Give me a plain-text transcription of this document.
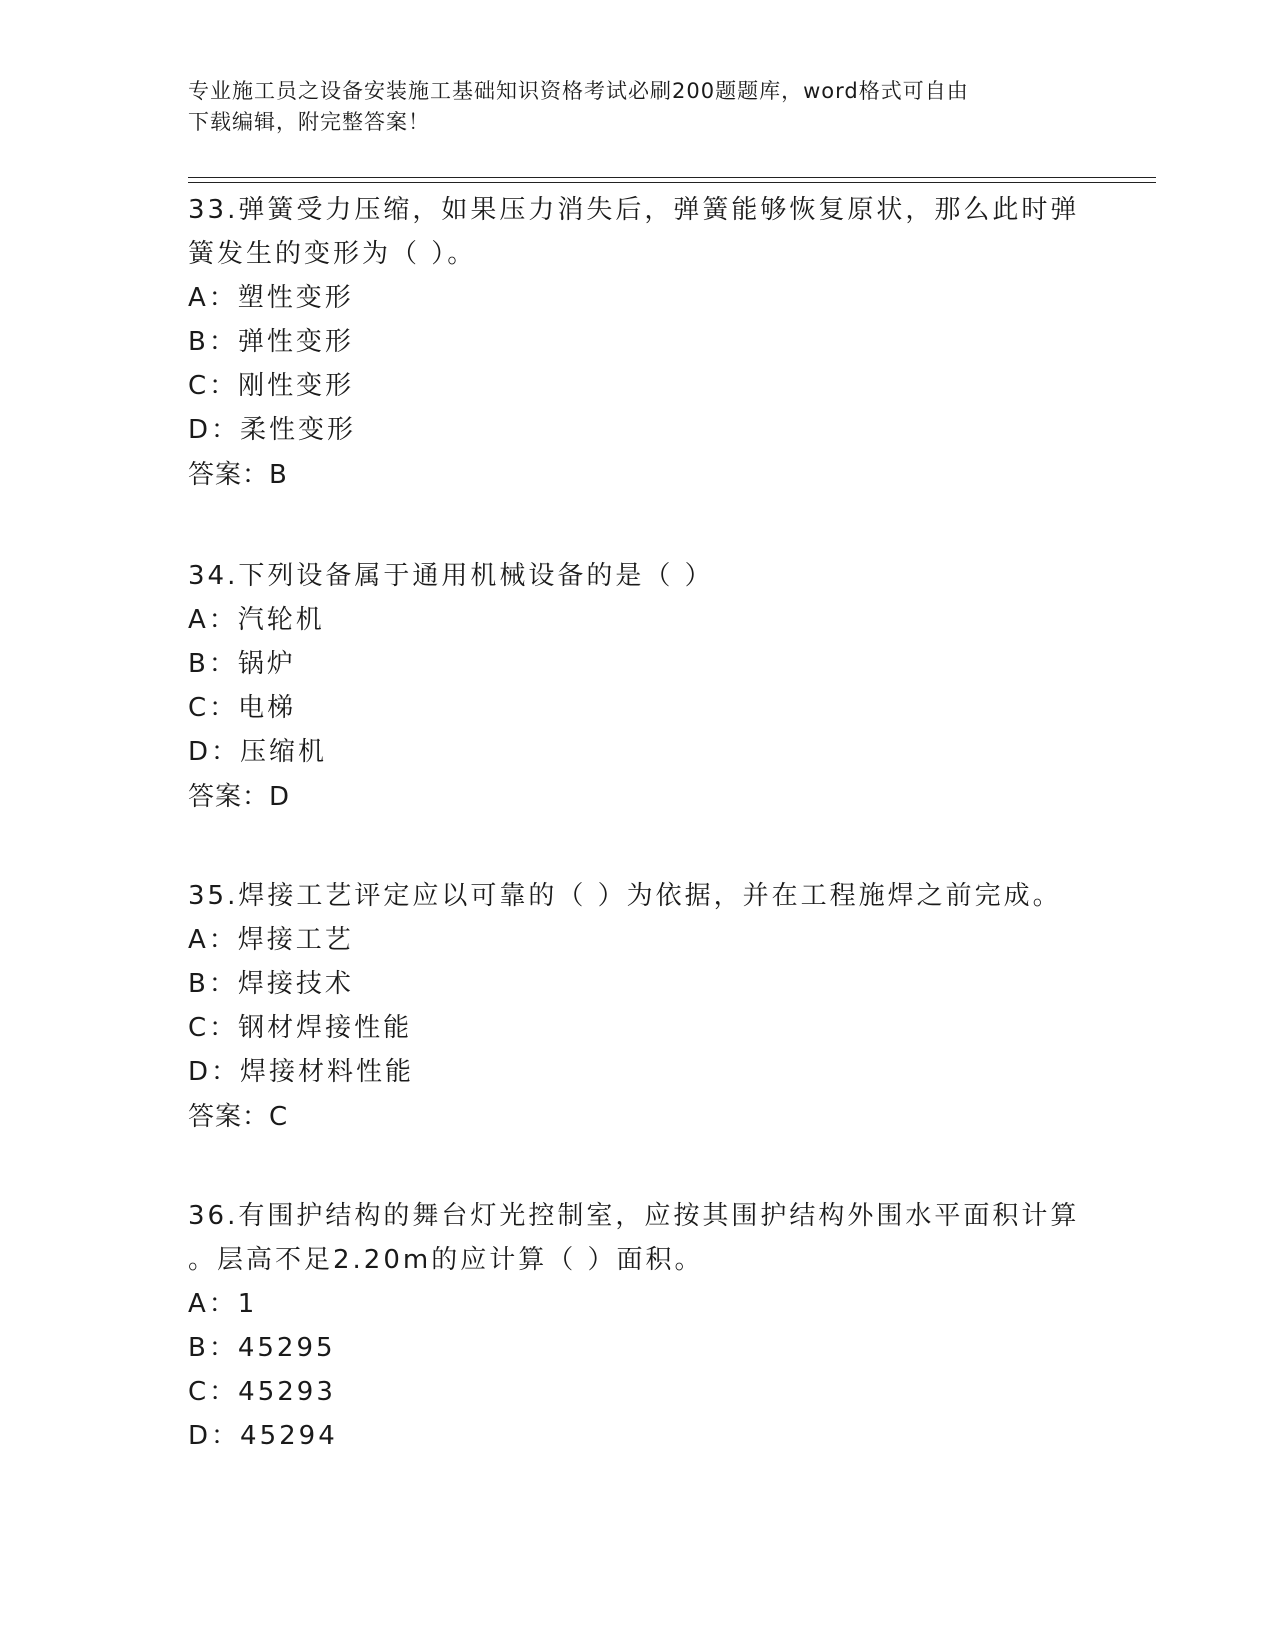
专业施工员之设备安装施工基础知识资格考试必刷200题题库，word格式可自由
下载编辑，附完整答案！
33.弹簧受力压缩，如果压力消失后，弹簧能够恢复原状，那么此时弹
簧发生的变形为（ ）。
A：塑性变形
B：弹性变形
C：刚性变形
D：柔性变形
答案：B
34.下列设备属于通用机械设备的是（ ）
A：汽轮机
B：锅炉
C：电梯
D：压缩机
答案：D
35.焊接工艺评定应以可靠的（ ）为依据，并在工程施焊之前完成。
A：焊接工艺
B：焊接技术
C：钢材焊接性能
D：焊接材料性能
答案：C
36.有围护结构的舞台灯光控制室，应按其围护结构外围水平面积计算
。层高不足2.20m的应计算（ ）面积。
A：1
B：45295
C：45293
D：45294
